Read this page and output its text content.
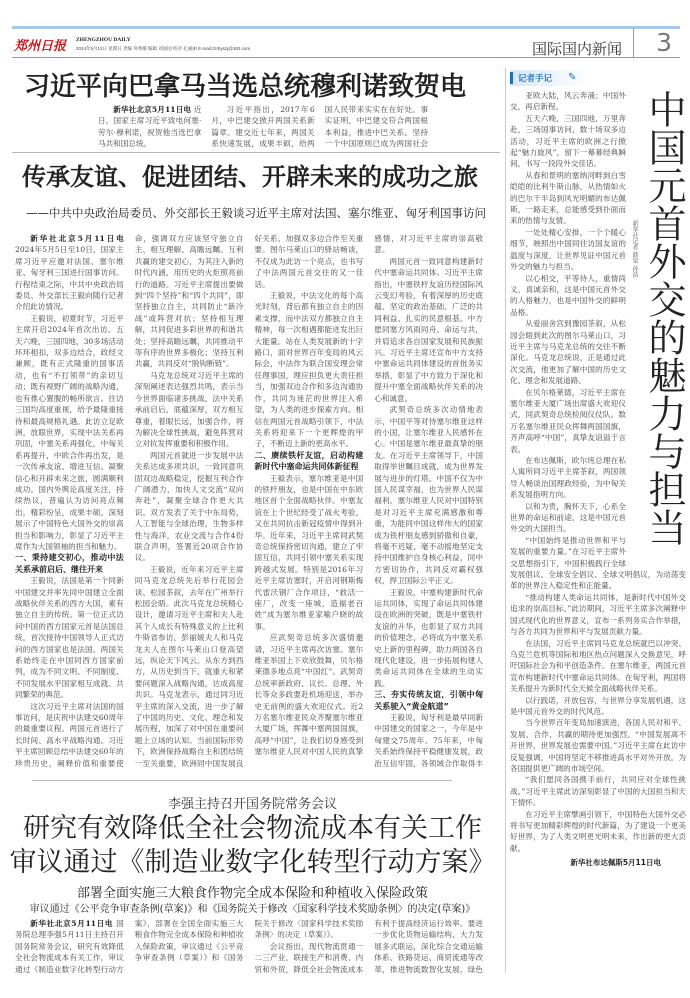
郑州日报 ZHENGZHOU DAILY
2024年5月12日 星期日 责编 何秀娥 编辑 刘国园 校对 孔丽丽 E-mail:zzrbyszj@163.com	国际国内新闻 3
习近平向巴拿马当选总统穆利诺致贺电

新华社北京5月11日电 近日，国家主席习近平致电何塞·劳尔·穆利诺，祝贺他当选巴拿马共和国总统。

习近平指出，2017年6月，中巴建交掀开两国关系新篇章。建交近七年来，两国关系快速发展，成果丰硕，给两国人民带来实实在在好处。事实证明，中巴建交符合两国根本利益，推进中巴关系、坚持一个中国原则已成为两国社会

传承友谊、促进团结、开辟未来的成功之旅
——中共中央政治局委员、外交部长王毅谈习近平主席对法国、塞尔维亚、匈牙利国事访问

新华社北京5月11日电 2024年5月5日至10日，国家主席习近平应邀对法国、塞尔维亚、匈牙利三国进行国事访问。行程结束之际，中共中央政治局委员、外交部长王毅向随行记者介绍此访情况。

王毅说，初夏时节，习近平主席开启2024年首次出访。五天六晚，三国四地，30多场活动环环相扣，双多边结合，政经文兼顾，既有正式隆重的国事活动，也有“不打领带”的亲切互动；既有视野广阔的战略沟通，也有推心置腹的畅所欲言。往访三国均高度重视，给予最隆重接待和最高规格礼遇。此访立足欧洲，放眼世界，实现中法关系再巩固，中塞关系再强化，中匈关系再提升，中欧合作再出发，是一次传承友谊、增进互信、凝聚信心和开辟未来之旅，圆满顺利成功。国内外舆论高度关注，持续热议，普遍认为访问亮点频出，精彩纷呈，成果丰硕，深刻展示了中国特色大国外交的崇高担当和影响力，彰显了习近平主席作为大国领袖的担当和魅力。

一、秉持建交初心，推动中法关系承前启后、继往开来

王毅说，法国是第一个同新中国建交并率先同中国建立全面战略伙伴关系的西方大国，素有独立自主的传统。第一位正式访问中国的西方国家元首是法国总统，首次接待中国领导人正式访问的西方国家也是法国。两国关系始终走在中国同西方国家前列，成为不同文明、不同制度、不同发展水平国家相互成就、共同繁荣的典范。

这次习近平主席对法国的国事访问，是庆祝中法建交60周年的最重要议程。两国元首进行了长时间、高水平战略沟通。习近平主席回顾总结中法建交60年的珍贵历史，阐释价值和重要使命，强调双方应该坚守独立自主、相互理解、高瞻远瞩、互利共赢的建交初心，为其注入新的时代内涵，用历史的火炬照亮前行的道路。习近平主席提出要做到“四个坚持”和“四个共同”，即坚持独立自主，共同防止“新冷战”或阵营对抗；坚持相互理解，共同促进多彩世界的和谐共处；坚持高瞻远瞩，共同推动平等有序的世界多极化；坚持互利共赢，共同反对“脱钩断链”。

马克龙总统对习近平主席的深刻阐述表达强烈共鸣，表示当今世界面临诸多挑战，法中关系承前启后，底蕴深厚，双方相互尊重，着眼长远，加强合作，将为解决全球性挑战，避免阵营对立对抗发挥重要和积极作用。

两国元首就进一步发展中法关系达成多项共识，一致同意巩固双边战略稳定，挖掘互利合作广阔潜力，加快人文交流“双向奔赴”，凝聚全球合作更大共识。双方发表了关于中东局势，人工智能与全球治理，生物多样性与海洋，农业交流与合作4份联合声明，签署近20项合作协议。

王毅说，近年来习近平主席同马克龙总统先后举行花园会谈、松园茶叙，去年在广州举行松园会晤。此次马克龙总统精心设计，邀请习近平主席和夫人赴其个人成长有特殊意义的上比利牛斯省参访，彭丽媛夫人和马克龙夫人在图尔马莱山口登高望远，纵论天下风云。从东方到西方，从历史到当下，就重大和紧要问题深入战略沟通，达成高度共识。马克龙表示，通过同习近平主席的深入交流，进一步了解了中国的历史、文化、理念和发展历程，加深了对中国在重要问题上立场的认知。当前国际形势下，欧洲保持战略自主和团结统一至关重要，欧洲同中国发展良好关系、加强双多边合作至关重要。图尔马莱山口的驿站畅谈，不仅成为此访一个亮点，也书写了中法两国元首交往的又一佳话。

王毅说，中法文化的每个高光时刻，背后都有独立自主的因素支撑，而中法双方都独立自主精神，每一次相遇都能迸发出巨大能量。站在人类发展新的十字路口，面对世界百年变局的风云际会，中法作为联合国安理会常任理事国，理应担负更大责任担当，加强双边合作和多边沟通协作，共同为迷茫的世界注入希望，为人类的进步探索方向。相信在两国元首战略引领下，中法关系将迎来下一个更辉煌的甲子，不断迈上新的更高水平。

二、赓续铁杆友谊，启动构建新时代中塞命运共同体新征程

王毅表示，塞尔维亚是中国的铁杆朋友，也是中国在中东欧地区首个全面战略伙伴。中塞友谊在上个世纪经受了战火考验，又在共同抗击新冠疫情中得到升华。近年来，习近平主席同武契奇总统保持密切沟通，建立了牢固互信，共同引领中塞关系实现跨越式发展。特别是2016年习近平主席访塞时，开启河钢斯梅代雷沃钢厂合作项目，“救活一座厂，改变一座城，造福老百姓”成为塞尔维亚家喻户晓的故事。

应武契奇总统多次盛情邀请，习近平主席再次访塞。塞尔维亚举国上下欢欣鼓舞，贝尔格莱德多地点亮“中国红”。武契奇总统率新政府、议长、总理、外长等众多政要赴机场迎送，举办史无前例的盛大欢迎仪式。近2万名塞尔维亚民众齐聚塞尔维亚大厦广场，挥舞中塞两国国旗，高呼“中国”，让我们切身感受到塞尔维亚人民对中国人民的真挚感情，对习近平主席的崇高敬意。

两国元首一致同意构建新时代中塞命运共同体。习近平主席指出，中塞铁杆友谊历经国际风云变幻考验，有着深厚的历史底蕴、坚定的政治基础、广泛的共同利益、扎实的民意根基。中方愿同塞方风雨同舟、命运与共，并肩追求各自国家发展和民族振兴。习近平主席还宣布中方支持中塞命运共同体建设的首批务实举措，彰显了中方致力于深化和提升中塞全面战略伙伴关系的决心和诚意。

武契奇总统多次动情地表示，中国平等对待塞尔维亚这样的小国，让塞尔维亚人民感怀在心。中国是塞尔维亚最真挚的朋友。在习近平主席领导下，中国取得举世瞩目成就，成为世界发展与进步的灯塔。中国不仅为中国人民谋幸福，也为世界人民谋福利。塞尔维亚人民对中国特别是对习近平主席充满感激和尊重，为能同中国这样伟大的国家成为铁杆朋友感到骄傲和自豪，将毫不迟疑、毫不动摇地坚定支持中国维护自身核心利益，同中方密切协作，共同反对霸权强权，捍卫国际公平正义。

王毅说，中塞构建新时代命运共同体，实现了命运共同体建设在欧洲的突破，既是中塞铁杆友谊的升华，也彰显了双方共同的价值理念，必将成为中塞关系史上新的里程碑，助力两国各自现代化建设，进一步拓展构建人类命运共同体在全球的生动实践。

三、夯实传统友谊，引领中匈关系驶入“黄金航道”

王毅说，匈牙利是最早同新中国建交的国家之一，今年是中匈建交75周年。75年来，中匈关系始终保持平稳健康发展，政治互信牢固，各领域合作取得丰

李强主持召开国务院常务会议
研究有效降低全社会物流成本有关工作
审议通过《制造业数字化转型行动方案》
部署全面实施三大粮食作物完全成本保险和种植收入保险政策
审议通过《公平竞争审查条例(草案)》和《国务院关于修改〈国家科学技术奖励条例〉的决定(草案)》

新华社北京5月11日电 国务院总理李强5月11日主持召开国务院常务会议，研究有效降低全社会物流成本有关工作，审议通过《制造业数字化转型行动方案》，部署在全国全面实施三大粮食作物完全成本保险和种植收入保险政策，审议通过《公平竞争审查条例（草案）》和《国务院关于修改〈国家科学技术奖励条例〉的决定（草案）》。

会议指出，现代物流贯通一二三产业，联接生产和消费、内贸和外贸，降低全社会物流成本有利于提高经济运行效率。要进一步优化货物运输结构，大力发展多式联运，深化综合交通运输体系、铁路货运、商贸流通等改革，推进物流数智化发展、绿色

记者手记 ✎
新华社记者 韩梁 孙浩 中国元首外交的魅力与担当

亚欧大陆，风云奔涌；中国外交，再启新程。

五天六晚，三国四地，万里奔赴，三场国事访问，数十场双多边活动，习近平主席的欧洲之行掀起“魅力旋风”，留下一幕幕经典瞬间，书写一段段外交佳话。

从春和景明的塞纳河畔到白雪皑皑的比利牛斯山脉，从热情如火的巴尔干半岛到风光明媚的布达佩斯，一路走来，总能感受到扑面而来的热情与友情。

一处处精心安排，一个个暖心细节，映照出中国同往访国友谊的温度与深度，让世界见证中国元首外交的魅力与担当。

以心相交，平等待人，重情尚义，真诚亲和，这是中国元首外交的人格魅力，也是中国外交的鲜明品格。

从爱丽舍宫到豫园茶叙，从松园会晤到此次的图尔马莱山口，习近平主席与马克龙总统的交往不断深化。马克龙总统说，正是通过此次交流，他更加了解中国的历史文化、理念和发展道路。

在贝尔格莱德，习近平主席在塞尔维亚大厦广场出席盛大欢迎仪式，同武契奇总统检阅仪仗队。数万名塞尔维亚民众挥舞两国国旗，齐声高呼“中国”，真挚友谊溢于言表。

在布达佩斯，欧尔班总理在私人寓所同习近平主席茶叙，两国领导人畅谈治国理政经验，为中匈关系发展指明方向。

以和为贵，胸怀天下，心系全世界的命运和前途，这是中国元首外交的大国担当。

“中国始终是推动世界和平与发展的重要力量。”在习近平主席外交思想指引下，中国积极践行全球发展倡议、全球安全倡议、全球文明倡议，为动荡变革的世界注入稳定性和正能量。

“推动构建人类命运共同体，是新时代中国外交追求的崇高目标。”此访期间，习近平主席多次阐释中国式现代化的世界意义，宣布一系列务实合作举措，与各方共同为世界和平与发展贡献力量。

在法国，习近平主席同马克龙总统就巴以冲突、乌克兰危机等国际和地区热点问题深入交换意见，呼吁国际社会为和平创造条件。在塞尔维亚，两国元首宣布构建新时代中塞命运共同体。在匈牙利，两国将关系提升为新时代全天候全面战略伙伴关系。

以行践诺，开放包容，与世界分享发展机遇，这是中国元首外交的时代风范。

当今世界百年变局加速演进，各国人民对和平、发展、合作、共赢的期待更加强烈。“中国发展离不开世界，世界发展也需要中国。”习近平主席在此访中反复强调，中国将坚定不移推进高水平对外开放，为各国提供更广阔的市场空间。

“我们愿同各国携手前行，共同应对全球性挑战。”习近平主席此访深刻彰显了中国的大国担当和天下情怀。

在习近平主席擘画引领下，中国特色大国外交必将书写更加精彩辉煌的时代新篇，为了建设一个更美好世界，为了人类文明更光明未来，作出新的更大贡献。

新华社布达佩斯5月11日电
